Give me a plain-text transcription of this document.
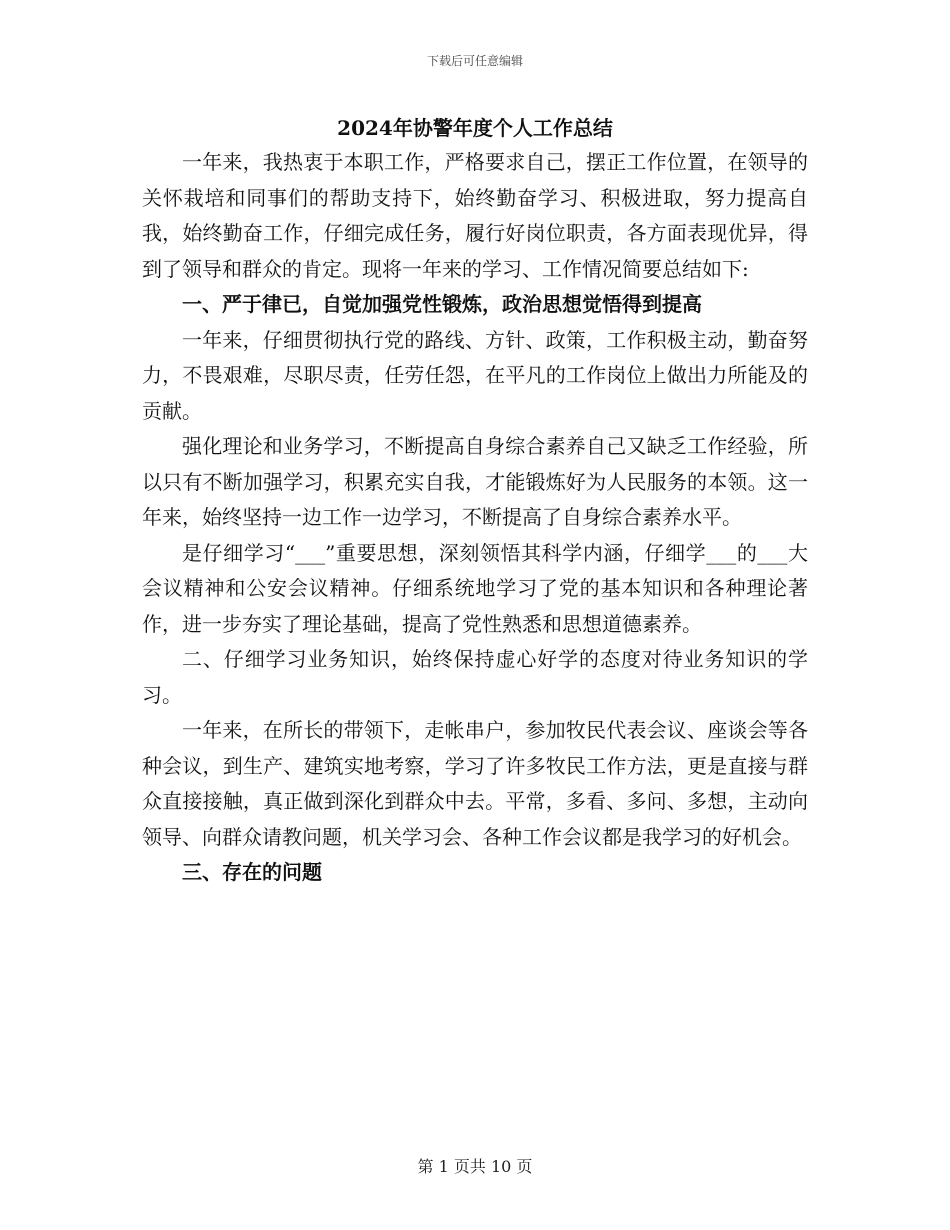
下载后可任意编辑
2024年协警年度个人工作总结

一年来，我热衷于本职工作，严格要求自己，摆正工作位置，在领导的关怀栽培和同事们的帮助支持下，始终勤奋学习、积极进取，努力提高自我，始终勤奋工作，仔细完成任务，履行好岗位职责，各方面表现优异，得到了领导和群众的肯定。现将一年来的学习、工作情况简要总结如下:

一、严于律已，自觉加强党性锻炼，政治思想觉悟得到提高

一年来，仔细贯彻执行党的路线、方针、政策，工作积极主动，勤奋努力，不畏艰难，尽职尽责，任劳任怨，在平凡的工作岗位上做出力所能及的贡献。

强化理论和业务学习，不断提高自身综合素养自己又缺乏工作经验，所以只有不断加强学习，积累充实自我，才能锻炼好为人民服务的本领。这一年来，始终坚持一边工作一边学习，不断提高了自身综合素养水平。

是仔细学习“___”重要思想，深刻领悟其科学内涵，仔细学___的___大会议精神和公安会议精神。仔细系统地学习了党的基本知识和各种理论著作，进一步夯实了理论基础，提高了党性熟悉和思想道德素养。

二、仔细学习业务知识，始终保持虚心好学的态度对待业务知识的学习。

一年来，在所长的带领下，走帐串户，参加牧民代表会议、座谈会等各种会议，到生产、建筑实地考察，学习了许多牧民工作方法，更是直接与群众直接接触，真正做到深化到群众中去。平常，多看、多问、多想，主动向领导、向群众请教问题，机关学习会、各种工作会议都是我学习的好机会。

三、存在的问题

第 1 页共 10 页
